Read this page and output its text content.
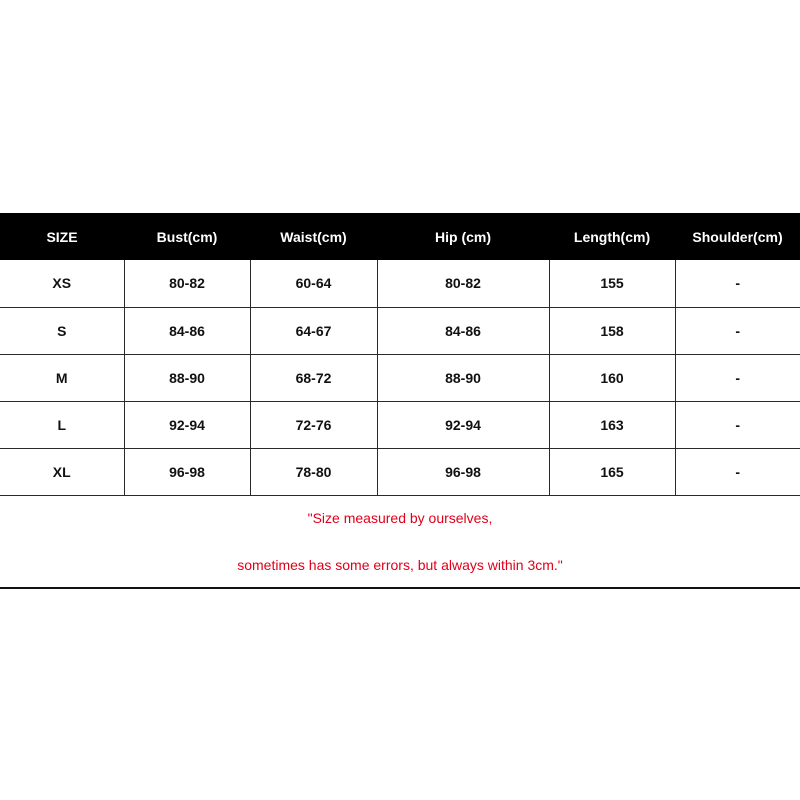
SIZE	Bust(cm)	Waist(cm)	Hip (cm)	Length(cm)	Shoulder(cm)
XS	80-82	60-64	80-82	155	-
S	84-86	64-67	84-86	158	-
M	88-90	68-72	88-90	160	-
L	92-94	72-76	92-94	163	-
XL	96-98	78-80	96-98	165	-
"Size measured by ourselves,
sometimes has some errors, but always within 3cm."
